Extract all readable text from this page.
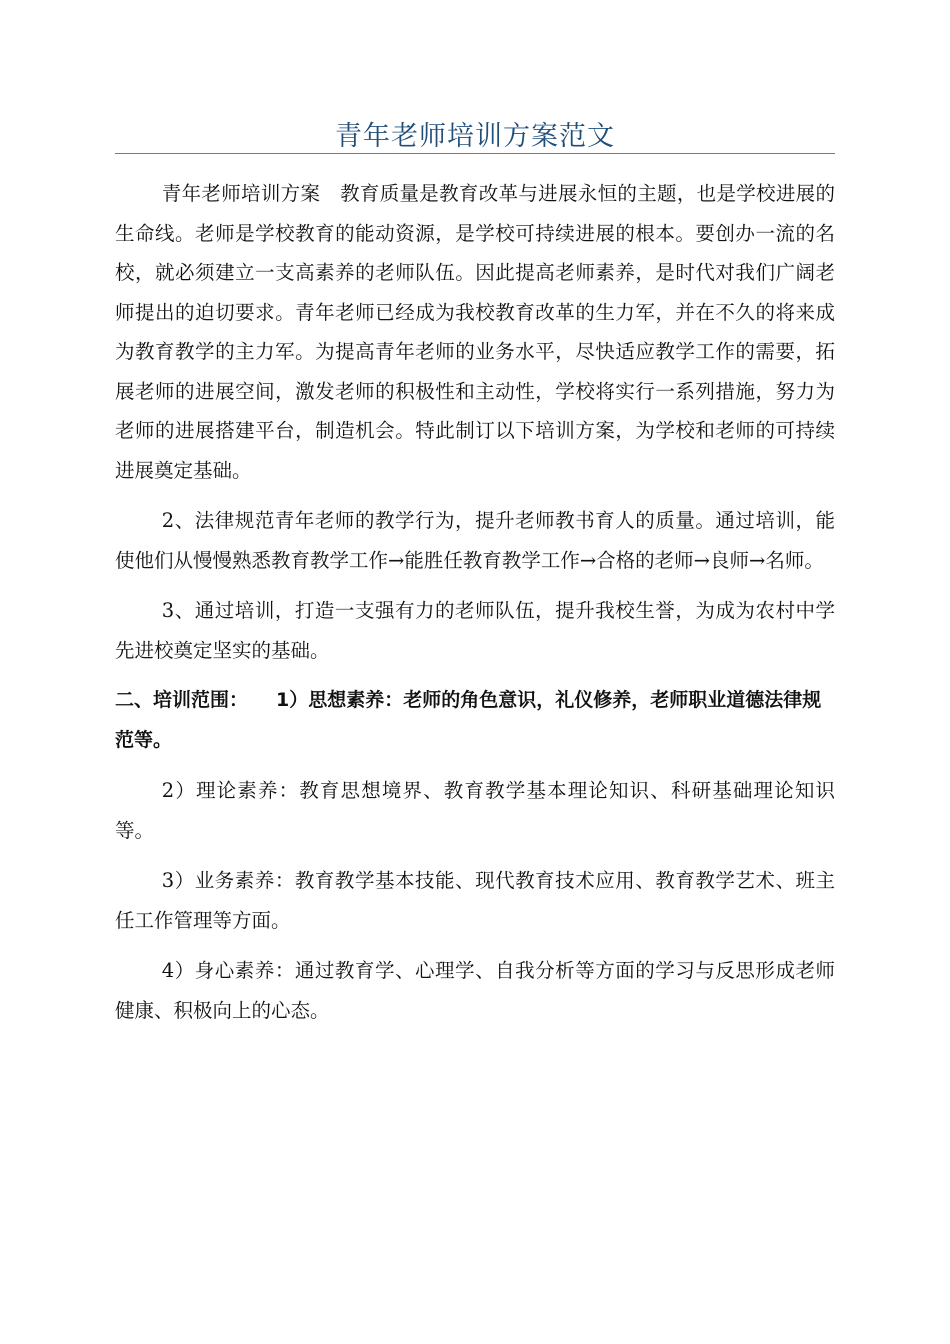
青年老师培训方案范文

青年老师培训方案　教育质量是教育改革与进展永恒的主题，也是学校进展的生命线。老师是学校教育的能动资源，是学校可持续进展的根本。要创办一流的名校，就必须建立一支高素养的老师队伍。因此提高老师素养，是时代对我们广阔老师提出的迫切要求。青年老师已经成为我校教育改革的生力军，并在不久的将来成为教育教学的主力军。为提高青年老师的业务水平，尽快适应教学工作的需要，拓展老师的进展空间，激发老师的积极性和主动性，学校将实行一系列措施，努力为老师的进展搭建平台，制造机会。特此制订以下培训方案，为学校和老师的可持续进展奠定基础。

2、法律规范青年老师的教学行为，提升老师教书育人的质量。通过培训，能使他们从慢慢熟悉教育教学工作→能胜任教育教学工作→合格的老师→良师→名师。

3、通过培训，打造一支强有力的老师队伍，提升我校生誉，为成为农村中学先进校奠定坚实的基础。

二、培训范围： 1）思想素养：老师的角色意识，礼仪修养，老师职业道德法律规范等。

2）理论素养：教育思想境界、教育教学基本理论知识、科研基础理论知识等。

3）业务素养：教育教学基本技能、现代教育技术应用、教育教学艺术、班主任工作管理等方面。

4）身心素养：通过教育学、心理学、自我分析等方面的学习与反思形成老师健康、积极向上的心态。
